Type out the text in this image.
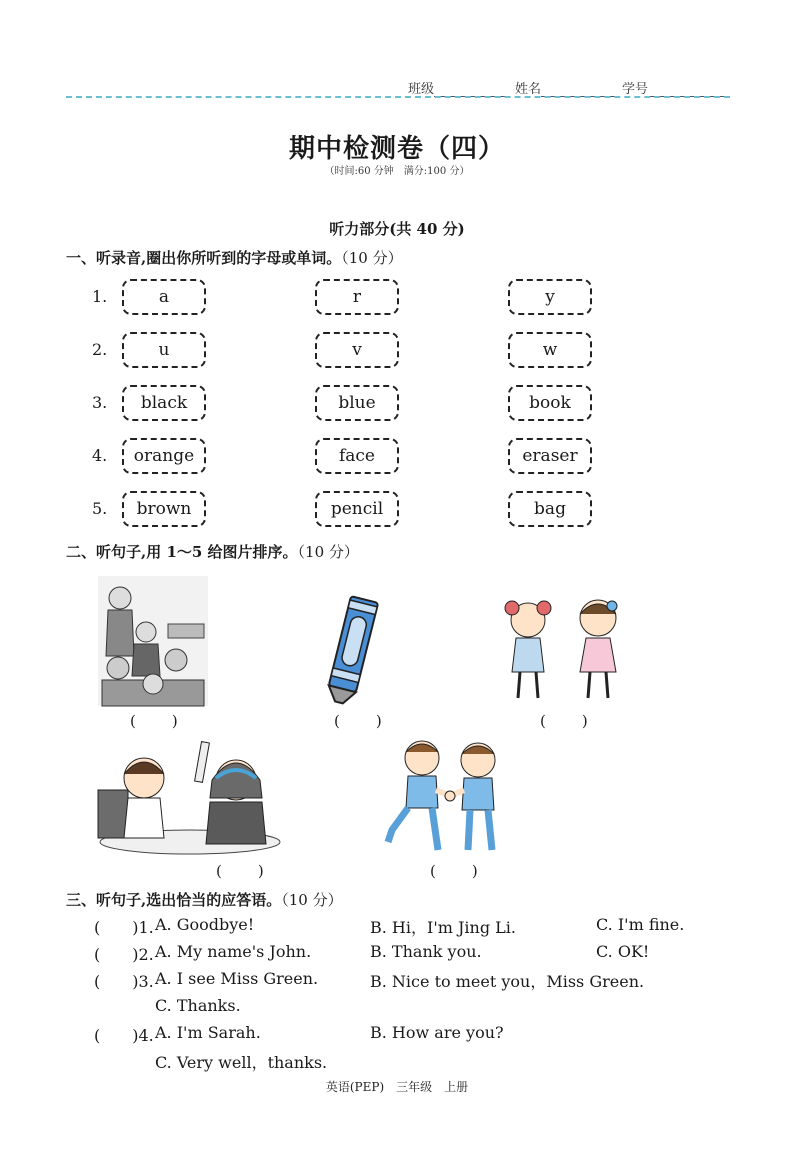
班级	姓名	学号
期中检测卷（四）
（时间:60 分钟　满分:100 分）
听力部分(共 40 分)
一、听录音,圈出你所听到的字母或单词。（10 分）
1.	a	r	y
2.	u	v	w
3.	black	blue	book
4.	orange	face	eraser
5.	brown	pencil	bag
二、听句子,用 1～5 给图片排序。（10 分）
(　　)	(　　)	(　　)
(　　)	(　　)
三、听句子,选出恰当的应答语。（10 分）
(　　)1. A. Goodbye!	B. Hi，I'm Jing Li.	C. I'm fine.
(　　)2. A. My name's John.	B. Thank you.	C. OK!
(　　)3. A. I see Miss Green.	B. Nice to meet you，Miss Green.
C. Thanks.
(　　)4. A. I'm Sarah.	B. How are you?
C. Very well，thanks.
英语(PEP)　三年级　上册
